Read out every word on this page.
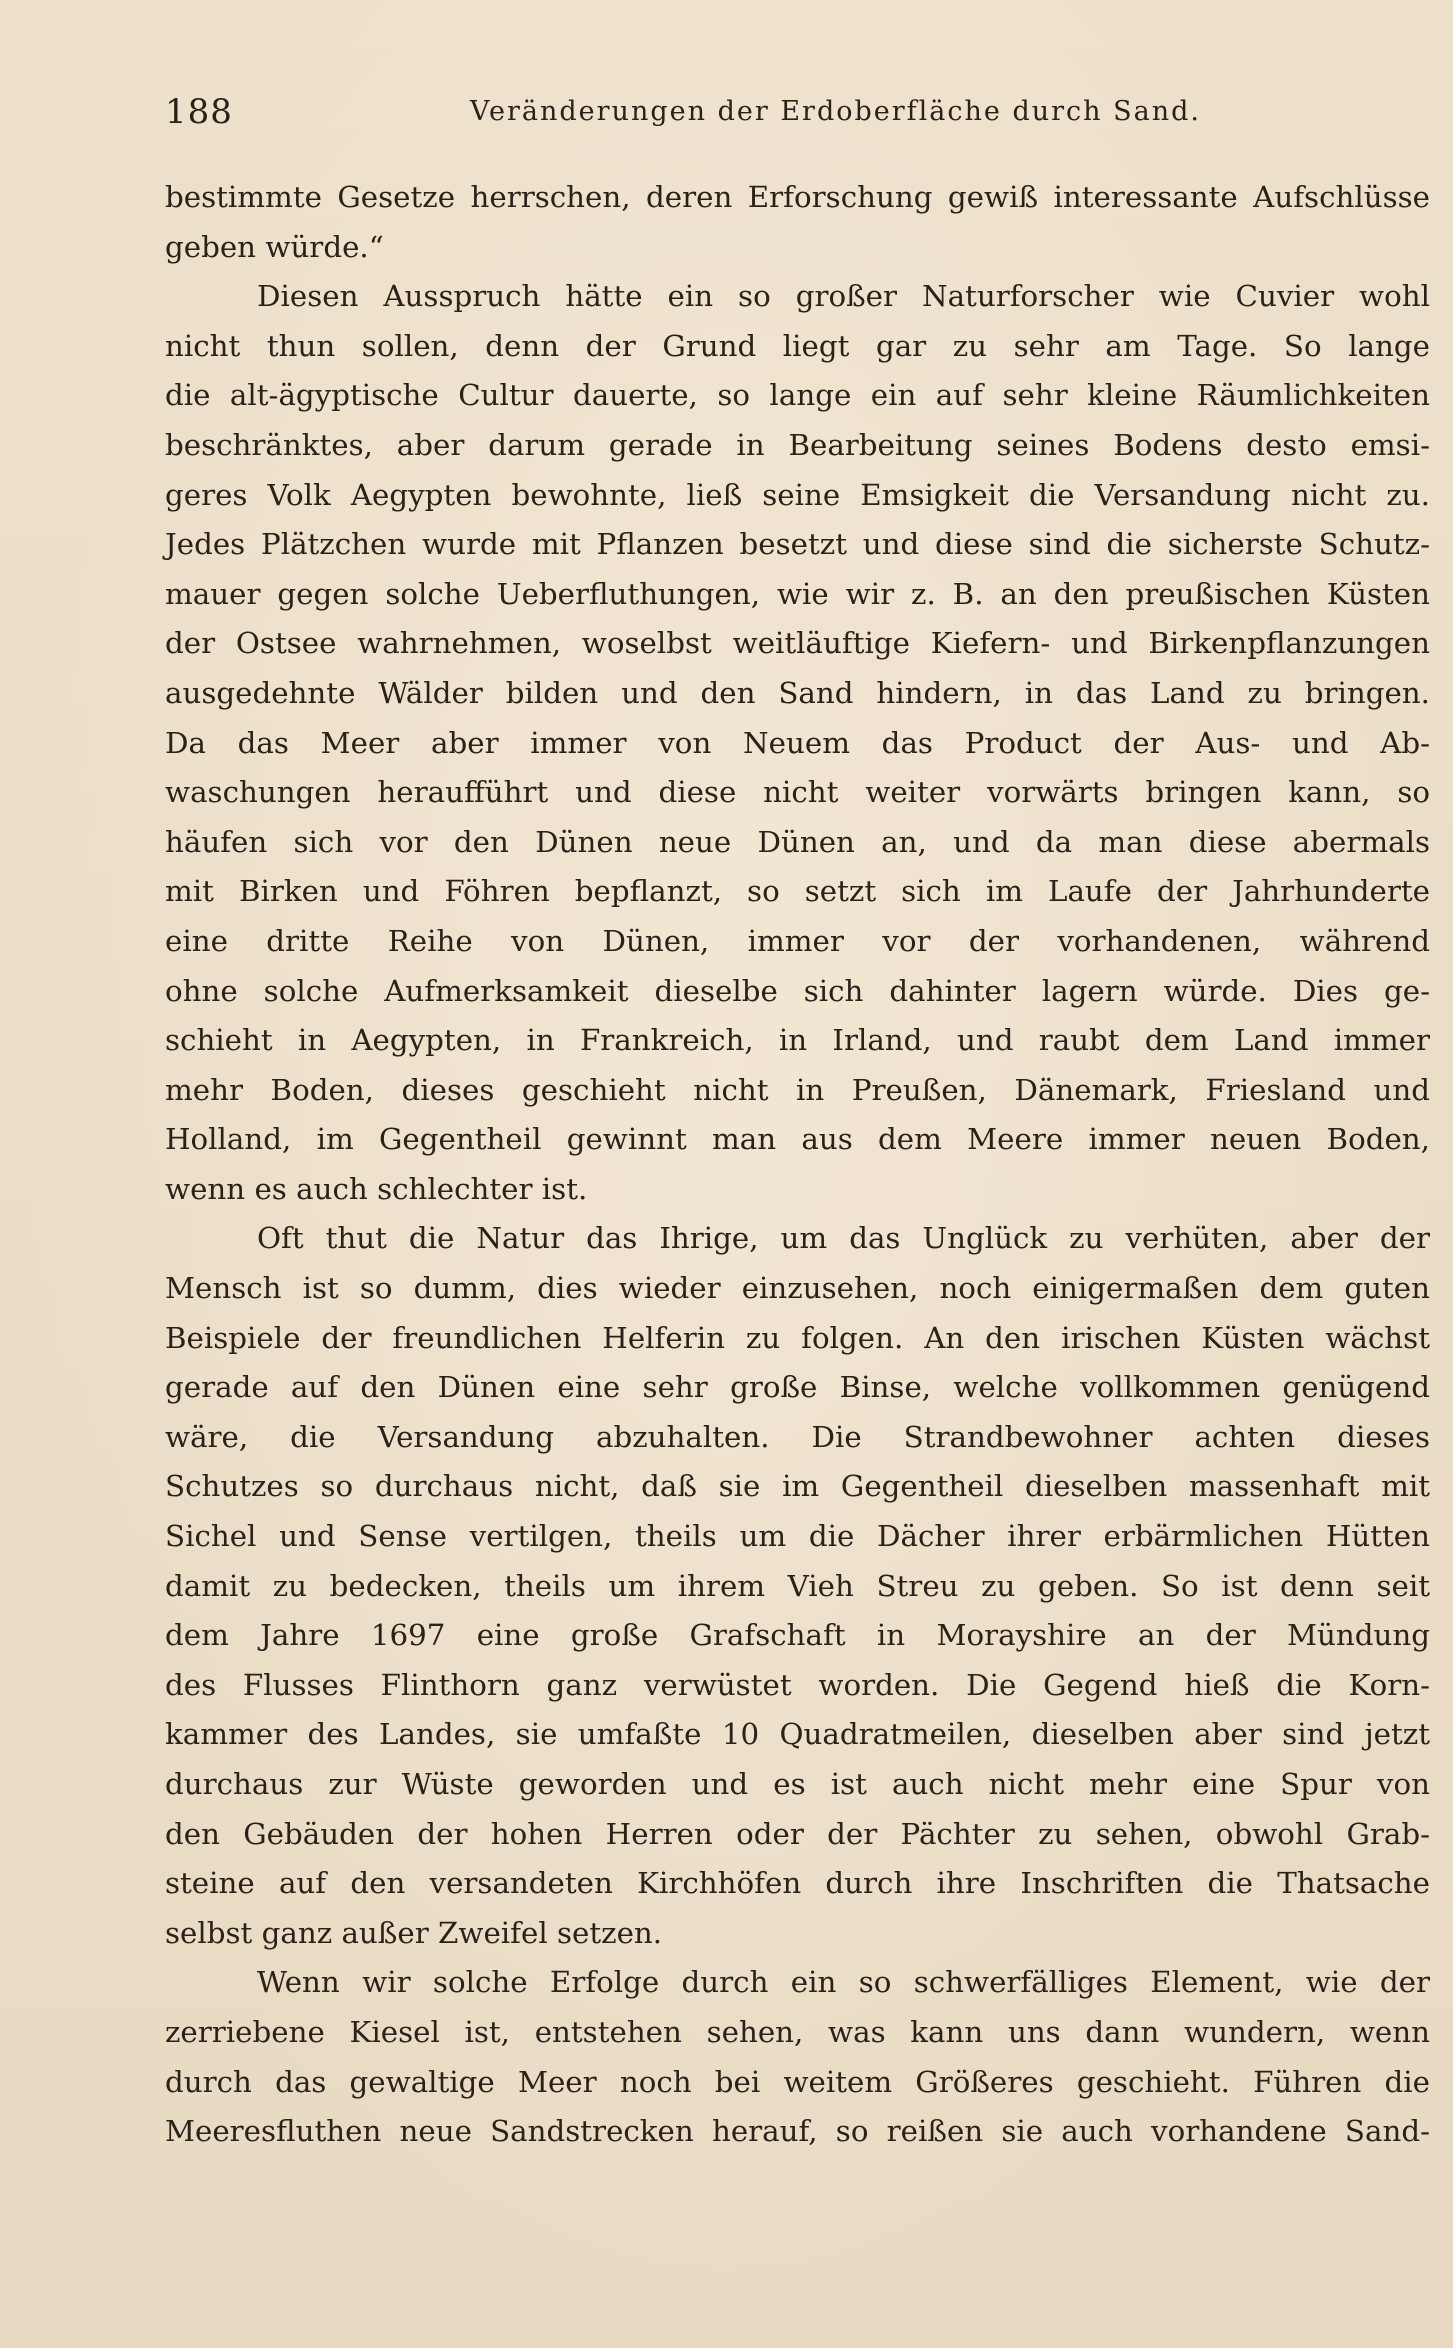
188	Veränderungen der Erdoberfläche durch Sand.
bestimmte Gesetze herrschen, deren Erforschung gewiß interessante Aufschlüsse
geben würde.“
Diesen Ausspruch hätte ein so großer Naturforscher wie Cuvier wohl
nicht thun sollen, denn der Grund liegt gar zu sehr am Tage. So lange
die alt-ägyptische Cultur dauerte, so lange ein auf sehr kleine Räumlichkeiten
beschränktes, aber darum gerade in Bearbeitung seines Bodens desto emsi-
geres Volk Aegypten bewohnte, ließ seine Emsigkeit die Versandung nicht zu.
Jedes Plätzchen wurde mit Pflanzen besetzt und diese sind die sicherste Schutz-
mauer gegen solche Ueberfluthungen, wie wir z. B. an den preußischen Küsten
der Ostsee wahrnehmen, woselbst weitläuftige Kiefern- und Birkenpflanzungen
ausgedehnte Wälder bilden und den Sand hindern, in das Land zu bringen.
Da das Meer aber immer von Neuem das Product der Aus- und Ab-
waschungen heraufführt und diese nicht weiter vorwärts bringen kann, so
häufen sich vor den Dünen neue Dünen an, und da man diese abermals
mit Birken und Föhren bepflanzt, so setzt sich im Laufe der Jahrhunderte
eine dritte Reihe von Dünen, immer vor der vorhandenen, während
ohne solche Aufmerksamkeit dieselbe sich dahinter lagern würde. Dies ge-
schieht in Aegypten, in Frankreich, in Irland, und raubt dem Land immer
mehr Boden, dieses geschieht nicht in Preußen, Dänemark, Friesland und
Holland, im Gegentheil gewinnt man aus dem Meere immer neuen Boden,
wenn es auch schlechter ist.
Oft thut die Natur das Ihrige, um das Unglück zu verhüten, aber der
Mensch ist so dumm, dies wieder einzusehen, noch einigermaßen dem guten
Beispiele der freundlichen Helferin zu folgen. An den irischen Küsten wächst
gerade auf den Dünen eine sehr große Binse, welche vollkommen genügend
wäre, die Versandung abzuhalten. Die Strandbewohner achten dieses
Schutzes so durchaus nicht, daß sie im Gegentheil dieselben massenhaft mit
Sichel und Sense vertilgen, theils um die Dächer ihrer erbärmlichen Hütten
damit zu bedecken, theils um ihrem Vieh Streu zu geben. So ist denn seit
dem Jahre 1697 eine große Grafschaft in Morayshire an der Mündung
des Flusses Flinthorn ganz verwüstet worden. Die Gegend hieß die Korn-
kammer des Landes, sie umfaßte 10 Quadratmeilen, dieselben aber sind jetzt
durchaus zur Wüste geworden und es ist auch nicht mehr eine Spur von
den Gebäuden der hohen Herren oder der Pächter zu sehen, obwohl Grab-
steine auf den versandeten Kirchhöfen durch ihre Inschriften die Thatsache
selbst ganz außer Zweifel setzen.
Wenn wir solche Erfolge durch ein so schwerfälliges Element, wie der
zerriebene Kiesel ist, entstehen sehen, was kann uns dann wundern, wenn
durch das gewaltige Meer noch bei weitem Größeres geschieht. Führen die
Meeresfluthen neue Sandstrecken herauf, so reißen sie auch vorhandene Sand-
